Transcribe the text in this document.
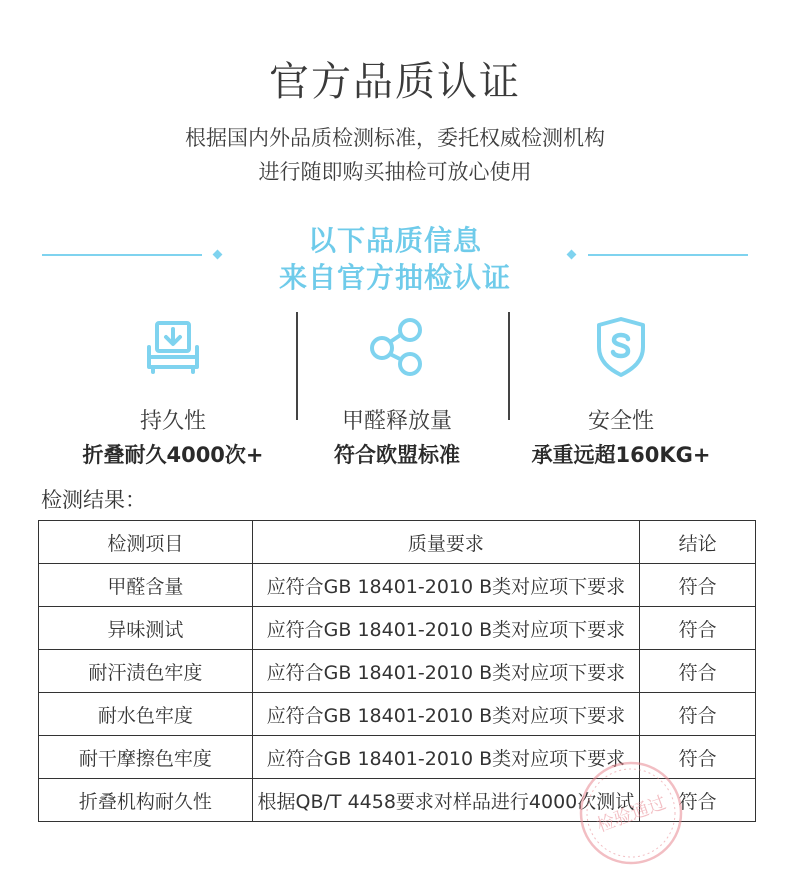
官方品质认证
根据国内外品质检测标准，委托权威检测机构
进行随即购买抽检可放心使用
以下品质信息
来自官方抽检认证
持久性
折叠耐久4000次+
甲醛释放量
符合欧盟标准
安全性
承重远超160KG+
检测结果：
检测项目	质量要求	结论
甲醛含量	应符合GB 18401-2010 B类对应项下要求	符合
异味测试	应符合GB 18401-2010 B类对应项下要求	符合
耐汗渍色牢度	应符合GB 18401-2010 B类对应项下要求	符合
耐水色牢度	应符合GB 18401-2010 B类对应项下要求	符合
耐干摩擦色牢度	应符合GB 18401-2010 B类对应项下要求	符合
折叠机构耐久性	根据QB/T 4458要求对样品进行4000次测试	符合
检验通过
